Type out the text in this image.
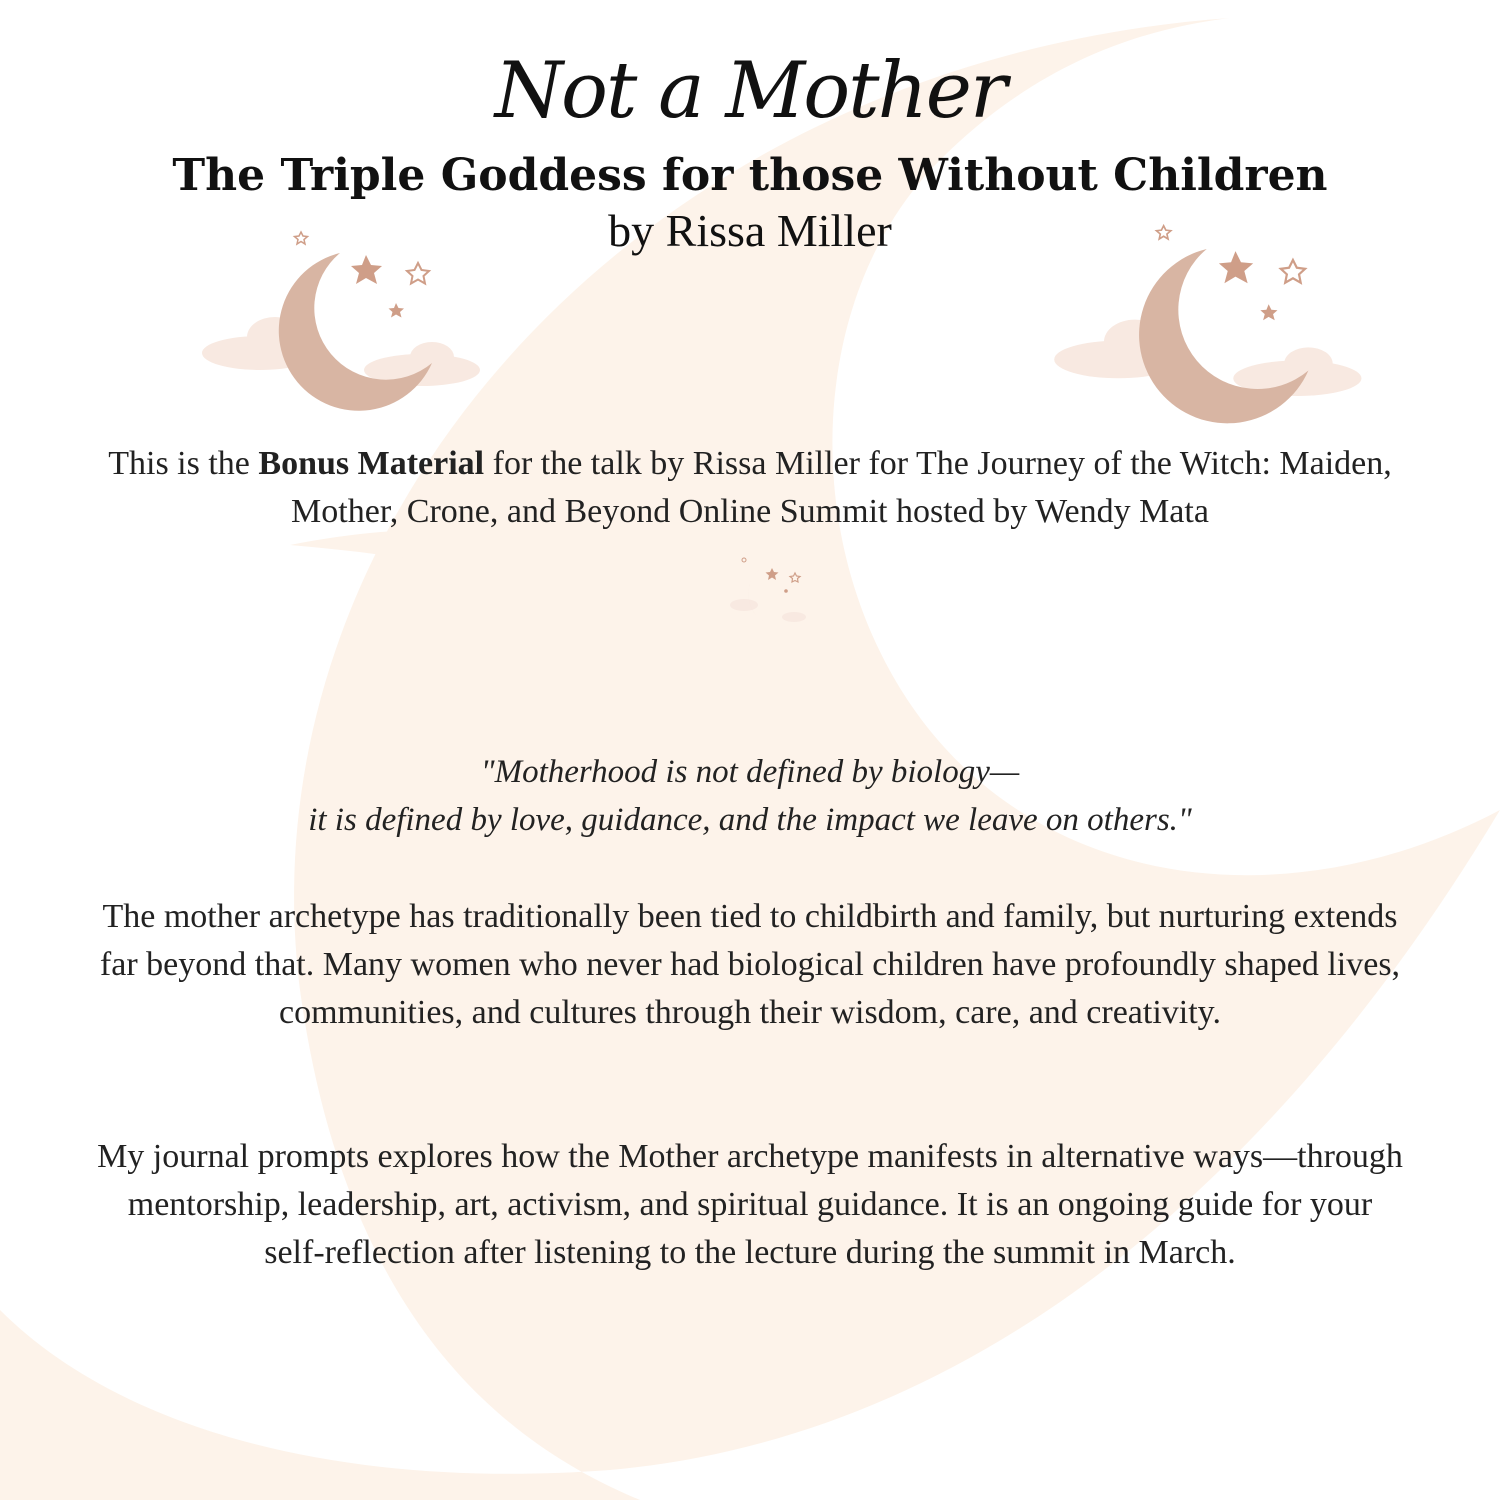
Not a Mother
The Triple Goddess for those Without Children
by Rissa Miller
This is the Bonus Material for the talk by Rissa Miller for The Journey of the Witch: Maiden, Mother, Crone, and Beyond Online Summit hosted by Wendy Mata
"Motherhood is not defined by biology—
it is defined by love, guidance, and the impact we leave on others."
The mother archetype has traditionally been tied to childbirth and family, but nurturing extends far beyond that. Many women who never had biological children have profoundly shaped lives, communities, and cultures through their wisdom, care, and creativity.
My journal prompts explores how the Mother archetype manifests in alternative ways—through mentorship, leadership, art, activism, and spiritual guidance. It is an ongoing guide for your self-reflection after listening to the lecture during the summit in March.
